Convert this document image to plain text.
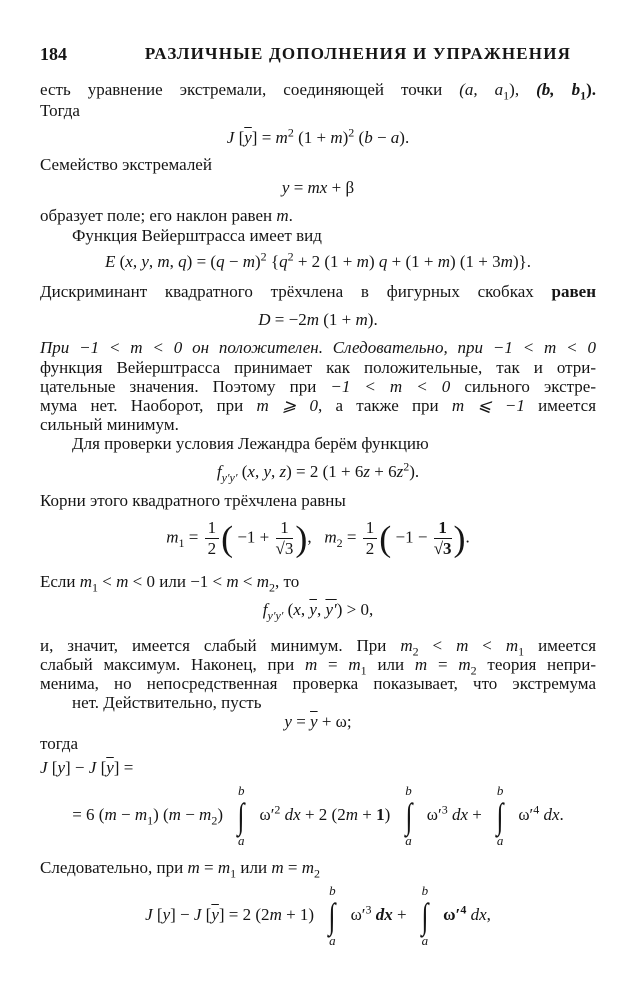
184	РАЗЛИЧНЫЕ ДОПОЛНЕНИЯ И УПРАЖНЕНИЯ
есть уравнение экстремали, соединяющей точки (a, $a_1$), (b, $b_1$).
Тогда
J $[\overline{y}] = m^2$ $(1 + m)^2$ (b − a).
Семейство экстремалей
y = mx + β
образует поле; его наклон равен m.
Функция Вейерштрасса имеет вид
E (x, y, m, $q) = (q - m)^2$ {$q^2 + 2$ (1 + m) q + (1 + m) (1 + 3m)}.
Дискриминант квадратного трёхчлена в фигурных скобках равен
D = −2m (1 + m).
При −1 < m < 0 он положителен. Следовательно, при −1 < m < 0
функция Вейерштрасса принимает как положительные, так и отри-
цательные значения. Поэтому при −1 < m < 0 сильного экстре-
мума нет. Наоборот, при m ⩾ 0, а также при m ⩽ −1 имеется
сильный минимум.
Для проверки условия Лежандра берём функцию
$f_{y'y'}$ (x, y, z) = 2 $(1 + 6z + 6z^2)$.
Корни этого квадратного трёхчлена равны
$m_1 = \frac{1}{2}$ ( $-1 + \frac{1}{√3}$ ),   $m_2 = \frac{1}{2}$ ( $-1 - \frac{1}{√3}$ ).
Если $m_1 < m < 0$ или $-1 < m < m_2$, то
$f_{y'y'}$ (x, $\overline{y}$, y′) > 0,
и, значит, имеется слабый минимум. При $m_2 < m < m_1$ имеется
слабый максимум. Наконец, при $m = m_1$ или $m = m_2$ теория непри-
менима, но непосредственная проверка показывает, что экстремума
нет. Действительно, пусть
$y = \overline{y} + \omega$;
тогда
J [y] − J $[\overline{y}]$ =
= 6 $(m - m_1)$ $(m - m_2)$
b
∫
a
$\omega'^2$ dx + 2 (2m + 1)
b
∫
a
$\omega'^3$ dx +
b
∫
a
$\omega'^4$ dx.
Следовательно, при $m = m_1$ или $m = m_2$
J [y] − J $[\overline{y}] = 2$ (2m + 1)
b
∫
a
$\omega'^3$ dx +
b
∫
a
$\omega'^4$ dx,
